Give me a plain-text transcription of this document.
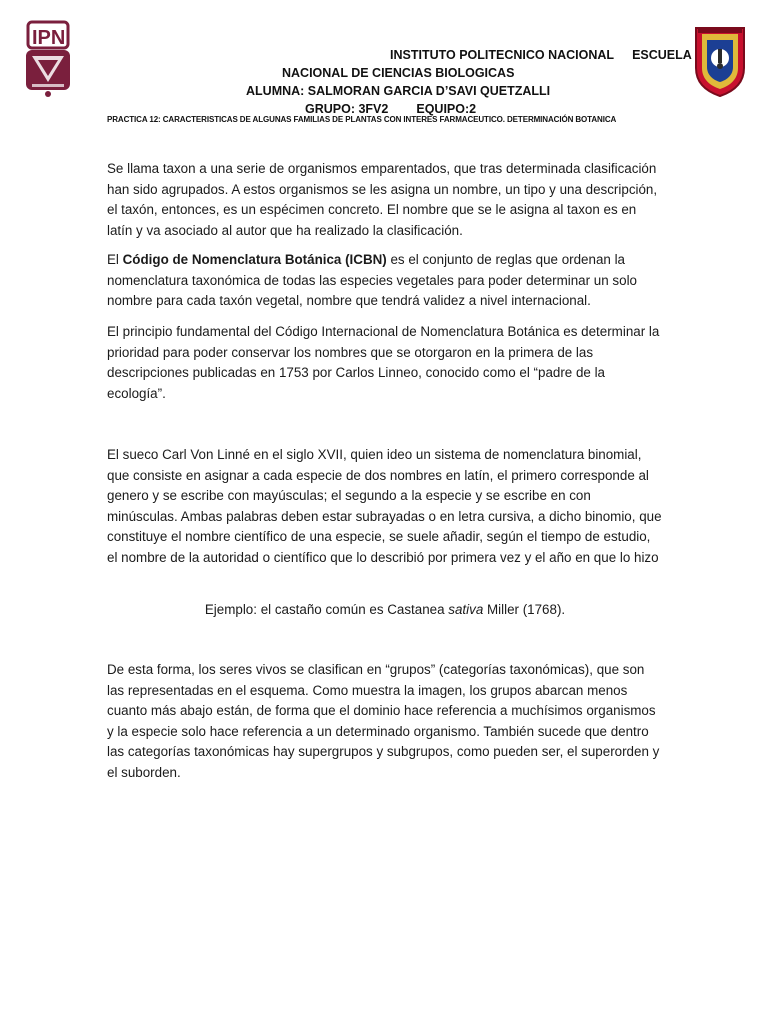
IPN
INSTITUTO POLITECNICO NACIONAL ESCUELA
NACIONAL DE CIENCIAS BIOLOGICAS
ALUMNA: SALMORAN GARCIA D’SAVI QUETZALLI
GRUPO: 3FV2 EQUIPO:2
PRACTICA 12: CARACTERISTICAS DE ALGUNAS FAMILIAS DE PLANTAS CON INTERES FARMACEUTICO. DETERMINACIÓN BOTANICA

Se llama taxon a una serie de organismos emparentados, que tras determinada clasificación han sido agrupados. A estos organismos se les asigna un nombre, un tipo y una descripción, el taxón, entonces, es un espécimen concreto. El nombre que se le asigna al taxon es en latín y va asociado al autor que ha realizado la clasificación.

El Código de Nomenclatura Botánica (ICBN) es el conjunto de reglas que ordenan la nomenclatura taxonómica de todas las especies vegetales para poder determinar un solo nombre para cada taxón vegetal, nombre que tendrá validez a nivel internacional.

El principio fundamental del Código Internacional de Nomenclatura Botánica es determinar la prioridad para poder conservar los nombres que se otorgaron en la primera de las descripciones publicadas en 1753 por Carlos Linneo, conocido como el “padre de la ecología”.

El sueco Carl Von Linné en el siglo XVII, quien ideo un sistema de nomenclatura binomial, que consiste en asignar a cada especie de dos nombres en latín, el primero corresponde al genero y se escribe con mayúsculas; el segundo a la especie y se escribe en con minúsculas. Ambas palabras deben estar subrayadas o en letra cursiva, a dicho binomio, que constituye el nombre científico de una especie, se suele añadir, según el tiempo de estudio, el nombre de la autoridad o científico que lo describió por primera vez y el año en que lo hizo

Ejemplo: el castaño común es Castanea sativa Miller (1768).

De esta forma, los seres vivos se clasifican en “grupos” (categorías taxonómicas), que son las representadas en el esquema. Como muestra la imagen, los grupos abarcan menos cuanto más abajo están, de forma que el dominio hace referencia a muchísimos organismos y la especie solo hace referencia a un determinado organismo. También sucede que dentro las categorías taxonómicas hay supergrupos y subgrupos, como pueden ser, el superorden y el suborden.
